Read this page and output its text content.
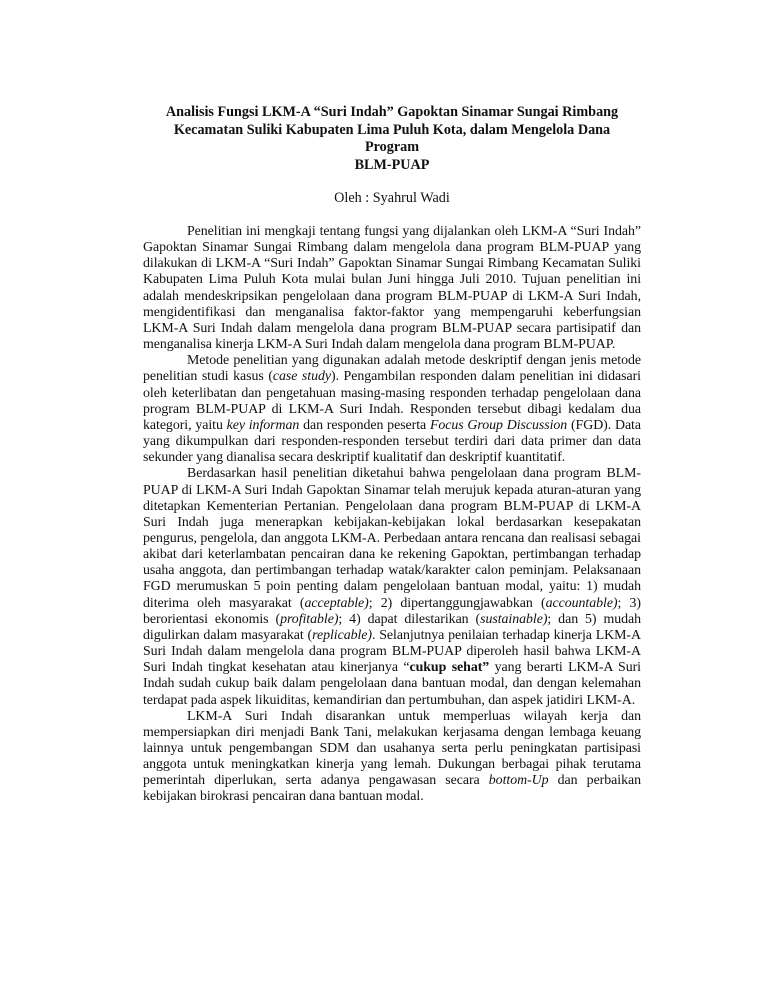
Analisis Fungsi LKM-A “Suri Indah” Gapoktan Sinamar Sungai Rimbang
Kecamatan Suliki Kabupaten Lima Puluh Kota, dalam Mengelola Dana Program
BLM-PUAP
Oleh : Syahrul Wadi

Penelitian ini mengkaji tentang fungsi yang dijalankan oleh LKM-A “Suri Indah” Gapoktan Sinamar Sungai Rimbang dalam mengelola dana program BLM-PUAP yang dilakukan di LKM-A “Suri Indah” Gapoktan Sinamar Sungai Rimbang Kecamatan Suliki Kabupaten Lima Puluh Kota mulai bulan Juni hingga Juli 2010. Tujuan penelitian ini adalah mendeskripsikan pengelolaan dana program BLM-PUAP di LKM-A Suri Indah, mengidentifikasi dan menganalisa faktor-faktor yang mempengaruhi keberfungsian LKM-A Suri Indah dalam mengelola dana program BLM-PUAP secara partisipatif dan menganalisa kinerja LKM-A Suri Indah dalam mengelola dana program BLM-PUAP.

Metode penelitian yang digunakan adalah metode deskriptif dengan jenis metode penelitian studi kasus (case study). Pengambilan responden dalam penelitian ini didasari oleh keterlibatan dan pengetahuan masing-masing responden terhadap pengelolaan dana program BLM-PUAP di LKM-A Suri Indah. Responden tersebut dibagi kedalam dua kategori, yaitu key informan dan responden peserta Focus Group Discussion (FGD). Data yang dikumpulkan dari responden-responden tersebut terdiri dari data primer dan data sekunder yang dianalisa secara deskriptif kualitatif dan deskriptif kuantitatif.

Berdasarkan hasil penelitian diketahui bahwa pengelolaan dana program BLM-PUAP di LKM-A Suri Indah Gapoktan Sinamar telah merujuk kepada aturan-aturan yang ditetapkan Kementerian Pertanian. Pengelolaan dana program BLM-PUAP di LKM-A Suri Indah juga menerapkan kebijakan-kebijakan lokal berdasarkan kesepakatan pengurus, pengelola, dan anggota LKM-A. Perbedaan antara rencana dan realisasi sebagai akibat dari keterlambatan pencairan dana ke rekening Gapoktan, pertimbangan terhadap usaha anggota, dan pertimbangan terhadap watak/karakter calon peminjam. Pelaksanaan FGD merumuskan 5 poin penting dalam pengelolaan bantuan modal, yaitu: 1) mudah diterima oleh masyarakat (acceptable); 2) dipertanggungjawabkan (accountable); 3) berorientasi ekonomis (profitable); 4) dapat dilestarikan (sustainable); dan 5) mudah digulirkan dalam masyarakat (replicable). Selanjutnya penilaian terhadap kinerja LKM-A Suri Indah dalam mengelola dana program BLM-PUAP diperoleh hasil bahwa LKM-A Suri Indah tingkat kesehatan atau kinerjanya “cukup sehat” yang berarti LKM-A Suri Indah sudah cukup baik dalam pengelolaan dana bantuan modal, dan dengan kelemahan terdapat pada aspek likuiditas, kemandirian dan pertumbuhan, dan aspek jatidiri LKM-A.

LKM-A Suri Indah disarankan untuk memperluas wilayah kerja dan mempersiapkan diri menjadi Bank Tani, melakukan kerjasama dengan lembaga keuang lainnya untuk pengembangan SDM dan usahanya serta perlu peningkatan partisipasi anggota untuk meningkatkan kinerja yang lemah. Dukungan berbagai pihak terutama pemerintah diperlukan, serta adanya pengawasan secara bottom-Up dan perbaikan kebijakan birokrasi pencairan dana bantuan modal.
